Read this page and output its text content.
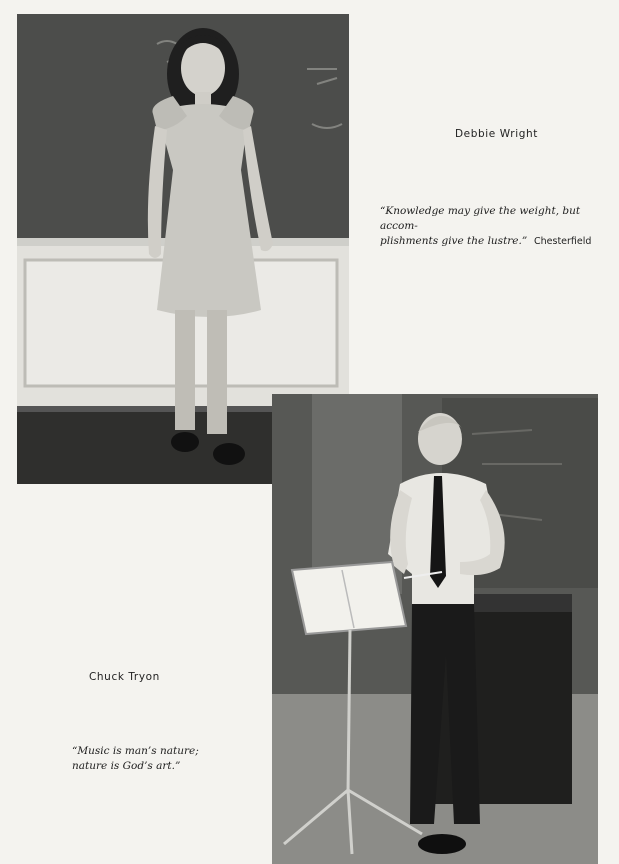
Debbie Wright

“Knowledge may give the weight, but accom-
plishments give the lustre.” Chesterfield

Chuck Tryon

“Music is man’s nature;
nature is God’s art.”
